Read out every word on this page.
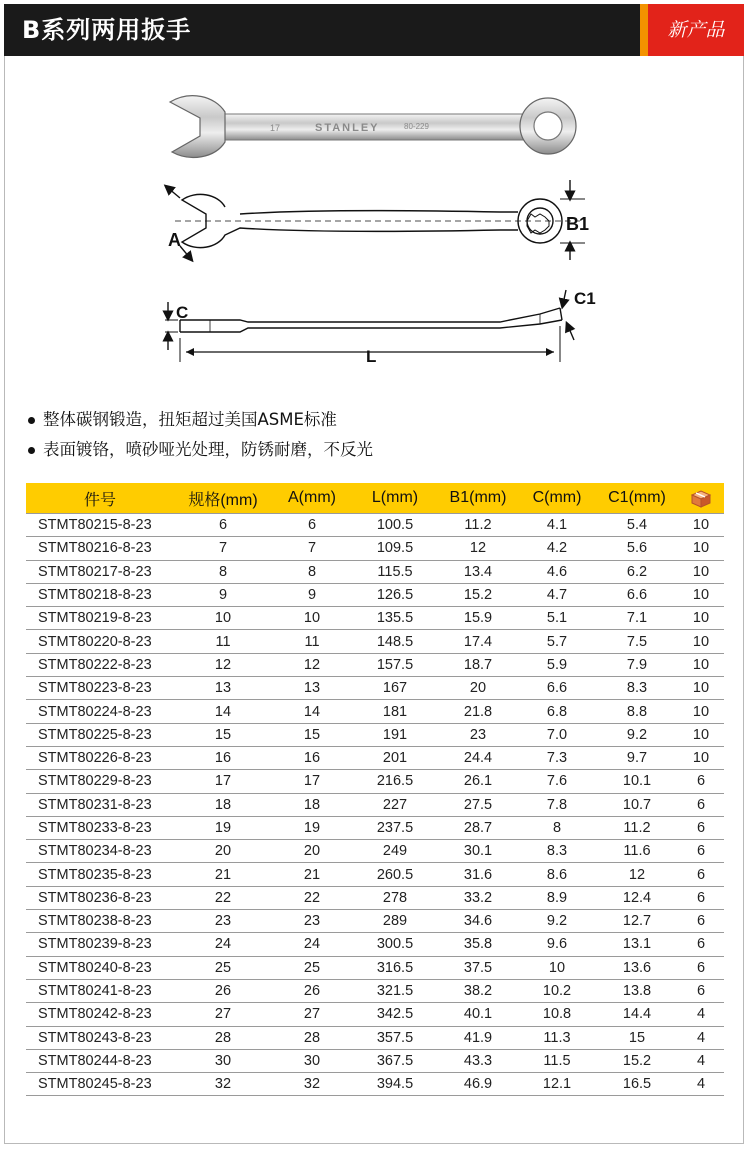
B系列两用扳手	新产品
17	STANLEY	80-229
A
B1
C
C1
L
整体碳钢锻造，扭矩超过美国ASME标准
表面镀铬，喷砂哑光处理，防锈耐磨，不反光
件号	规格(mm)	A(mm)	L(mm)	B1(mm)	C(mm)	C1(mm)
STMT80215-8-23	6	6	100.5	11.2	4.1	5.4	10
STMT80216-8-23	7	7	109.5	12	4.2	5.6	10
STMT80217-8-23	8	8	115.5	13.4	4.6	6.2	10
STMT80218-8-23	9	9	126.5	15.2	4.7	6.6	10
STMT80219-8-23	10	10	135.5	15.9	5.1	7.1	10
STMT80220-8-23	11	11	148.5	17.4	5.7	7.5	10
STMT80222-8-23	12	12	157.5	18.7	5.9	7.9	10
STMT80223-8-23	13	13	167	20	6.6	8.3	10
STMT80224-8-23	14	14	181	21.8	6.8	8.8	10
STMT80225-8-23	15	15	191	23	7.0	9.2	10
STMT80226-8-23	16	16	201	24.4	7.3	9.7	10
STMT80229-8-23	17	17	216.5	26.1	7.6	10.1	6
STMT80231-8-23	18	18	227	27.5	7.8	10.7	6
STMT80233-8-23	19	19	237.5	28.7	8	11.2	6
STMT80234-8-23	20	20	249	30.1	8.3	11.6	6
STMT80235-8-23	21	21	260.5	31.6	8.6	12	6
STMT80236-8-23	22	22	278	33.2	8.9	12.4	6
STMT80238-8-23	23	23	289	34.6	9.2	12.7	6
STMT80239-8-23	24	24	300.5	35.8	9.6	13.1	6
STMT80240-8-23	25	25	316.5	37.5	10	13.6	6
STMT80241-8-23	26	26	321.5	38.2	10.2	13.8	6
STMT80242-8-23	27	27	342.5	40.1	10.8	14.4	4
STMT80243-8-23	28	28	357.5	41.9	11.3	15	4
STMT80244-8-23	30	30	367.5	43.3	11.5	15.2	4
STMT80245-8-23	32	32	394.5	46.9	12.1	16.5	4
